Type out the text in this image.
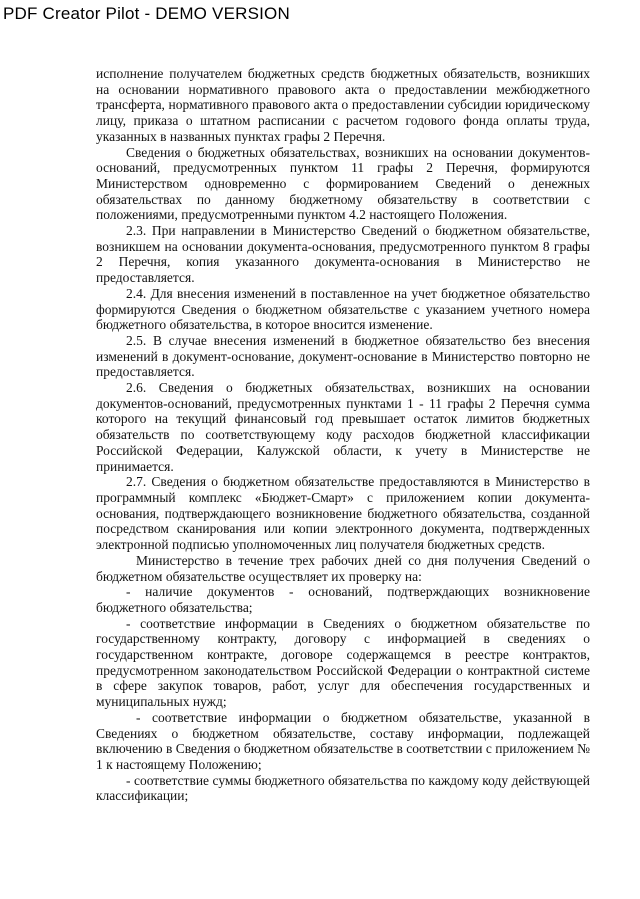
PDF Creator Pilot - DEMO VERSION

исполнение получателем бюджетных средств бюджетных обязательств, возникших на основании нормативного правового акта о предоставлении межбюджетного трансферта, нормативного правового акта о предоставлении субсидии юридическому лицу, приказа о штатном расписании с расчетом годового фонда оплаты труда, указанных в названных пунктах графы 2 Перечня.

Сведения о бюджетных обязательствах, возникших на основании документов-оснований, предусмотренных пунктом 11 графы 2 Перечня, формируются Министерством одновременно с формированием Сведений о денежных обязательствах по данному бюджетному обязательству в соответствии с положениями, предусмотренными пунктом 4.2 настоящего Положения.

2.3. При направлении в Министерство Сведений о бюджетном обязательстве, возникшем на основании документа-основания, предусмотренного пунктом 8 графы 2 Перечня, копия указанного документа-основания в Министерство не предоставляется.

2.4. Для внесения изменений в поставленное на учет бюджетное обязательство формируются Сведения о бюджетном обязательстве с указанием учетного номера бюджетного обязательства, в которое вносится изменение.

2.5. В случае внесения изменений в бюджетное обязательство без внесения изменений в документ-основание, документ-основание в Министерство повторно не предоставляется.

2.6. Сведения о бюджетных обязательствах, возникших на основании документов-оснований, предусмотренных пунктами 1 - 11 графы 2 Перечня сумма которого на текущий финансовый год превышает остаток лимитов бюджетных обязательств по соответствующему коду расходов бюджетной классификации Российской Федерации, Калужской области, к учету в Министерстве не принимается.

2.7. Сведения о бюджетном обязательстве предоставляются в Министерство в программный комплекс «Бюджет-Смарт» с приложением копии документа-основания, подтверждающего возникновение бюджетного обязательства, созданной посредством сканирования или копии электронного документа, подтвержденных электронной подписью уполномоченных лиц получателя бюджетных средств.

Министерство в течение трех рабочих дней со дня получения Сведений о бюджетном обязательстве осуществляет их проверку на:

- наличие документов - оснований, подтверждающих возникновение бюджетного обязательства;

- соответствие информации в Сведениях о бюджетном обязательстве по государственному контракту, договору с информацией в сведениях о государственном контракте, договоре содержащемся в реестре контрактов, предусмотренном законодательством Российской Федерации о контрактной системе в сфере закупок товаров, работ, услуг для обеспечения государственных и муниципальных нужд;

- соответствие информации о бюджетном обязательстве, указанной в Сведениях о бюджетном обязательстве, составу информации, подлежащей включению в Сведения о бюджетном обязательстве в соответствии с приложением № 1 к настоящему Положению;

- соответствие суммы бюджетного обязательства по каждому коду действующей классификации;
